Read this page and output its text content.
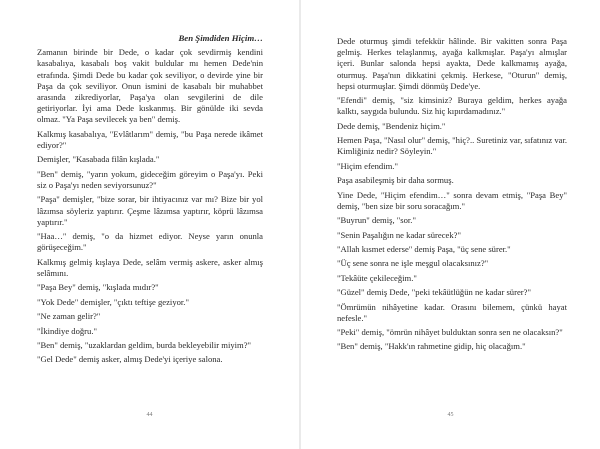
Ben Şimdiden Hiçim…

Zamanın birinde bir Dede, o kadar çok sevdirmiş kendini kasabalıya, kasabalı boş vakit buldular mı hemen Dede'nin etrafında. Şimdi Dede bu kadar çok seviliyor, o devirde yine bir Paşa da çok seviliyor. Onun ismini de kasabalı bir muhabbet arasında zikrediyorlar, Paşa'ya olan sevgilerini de dile getiriyorlar. İyi ama Dede kıskanmış. Bir gönülde iki sevda olmaz. "Ya Paşa sevilecek ya ben" demiş.

Kalkmış kasabalıya, "Evlâtlarım" demiş, "bu Paşa nerede ikâmet ediyor?"

Demişler, "Kasabada filân kışlada."

"Ben" demiş, "yarın yokum, gideceğim göreyim o Paşa'yı. Peki siz o Paşa'yı neden seviyorsunuz?"

"Paşa" demişler, "bize sorar, bir ihtiyacınız var mı? Bize bir yol lâzımsa söyleriz yaptırır. Çeşme lâzımsa yaptırır, köprü lâzımsa yaptırır."

"Haa…" demiş, "o da hizmet ediyor. Neyse yarın onunla görüşeceğim."

Kalkmış gelmiş kışlaya Dede, selâm vermiş askere, asker almış selâmını.

"Paşa Bey" demiş, "kışlada mıdır?"

"Yok Dede" demişler, "çıktı teftişe geziyor."

"Ne zaman gelir?"

"İkindiye doğru."

"Ben" demiş, "uzaklardan geldim, burda bekleyebilir miyim?"

"Gel Dede" demiş asker, almış Dede'yi içeriye salona.

44

Dede oturmuş şimdi tefekkür hâlinde. Bir vakitten sonra Paşa gelmiş. Herkes telaşlanmış, ayağa kalkmışlar. Paşa'yı almışlar içeri. Bunlar salonda hepsi ayakta, Dede kalkmamış ayağa, oturmuş. Paşa'nın dikkatini çekmiş. Herkese, "Oturun" demiş, hepsi oturmuşlar. Şimdi dönmüş Dede'ye.

"Efendi" demiş, "siz kimsiniz? Buraya geldim, herkes ayağa kalktı, saygıda bulundu. Siz hiç kıpırdamadınız."

Dede demiş, "Bendeniz hiçim."

Hemen Paşa, "Nasıl olur" demiş, "hiç?.. Suretiniz var, sıfatınız var. Kimliğiniz nedir? Söyleyin."

"Hiçim efendim."

Paşa asabileşmiş bir daha sormuş.

Yine Dede, "Hiçim efendim…" sonra devam etmiş, "Paşa Bey" demiş, "ben size bir soru soracağım."

"Buyrun" demiş, "sor."

"Senin Paşalığın ne kadar sürecek?"

"Allah kısmet ederse" demiş Paşa, "üç sene sürer."

"Üç sene sonra ne işle meşgul olacaksınız?"

"Tekâüte çekileceğim."

"Güzel" demiş Dede, "peki tekâütlüğün ne kadar sürer?"

"Ömrümün nihâyetine kadar. Orasını bilemem, çünkü hayat nefesle."

"Peki" demiş, "ömrün nihâyet bulduktan sonra sen ne olacaksın?"

"Ben" demiş, "Hakk'ın rahmetine gidip, hiç olacağım."

45
